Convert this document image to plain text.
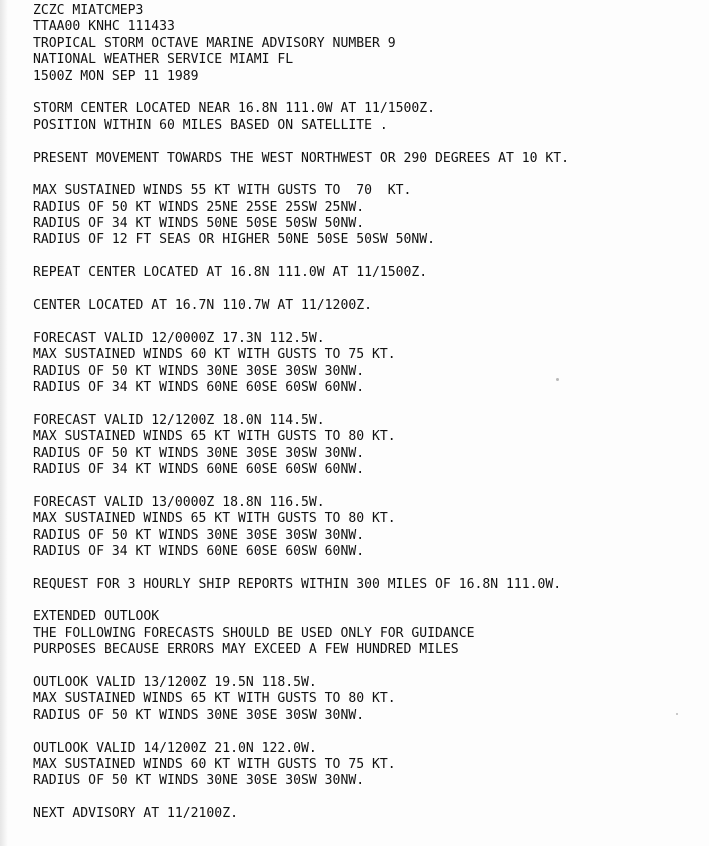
ZCZC MIATCMEP3
TTAA00 KNHC 111433
TROPICAL STORM OCTAVE MARINE ADVISORY NUMBER 9
NATIONAL WEATHER SERVICE MIAMI FL
1500Z MON SEP 11 1989
STORM CENTER LOCATED NEAR 16.8N 111.0W AT 11/1500Z.
POSITION WITHIN 60 MILES BASED ON SATELLITE .
PRESENT MOVEMENT TOWARDS THE WEST NORTHWEST OR 290 DEGREES AT 10 KT.
MAX SUSTAINED WINDS 55 KT WITH GUSTS TO  70  KT.
RADIUS OF 50 KT WINDS 25NE 25SE 25SW 25NW.
RADIUS OF 34 KT WINDS 50NE 50SE 50SW 50NW.
RADIUS OF 12 FT SEAS OR HIGHER 50NE 50SE 50SW 50NW.
REPEAT CENTER LOCATED AT 16.8N 111.0W AT 11/1500Z.
CENTER LOCATED AT 16.7N 110.7W AT 11/1200Z.
FORECAST VALID 12/0000Z 17.3N 112.5W.
MAX SUSTAINED WINDS 60 KT WITH GUSTS TO 75 KT.
RADIUS OF 50 KT WINDS 30NE 30SE 30SW 30NW.
RADIUS OF 34 KT WINDS 60NE 60SE 60SW 60NW.
FORECAST VALID 12/1200Z 18.0N 114.5W.
MAX SUSTAINED WINDS 65 KT WITH GUSTS TO 80 KT.
RADIUS OF 50 KT WINDS 30NE 30SE 30SW 30NW.
RADIUS OF 34 KT WINDS 60NE 60SE 60SW 60NW.
FORECAST VALID 13/0000Z 18.8N 116.5W.
MAX SUSTAINED WINDS 65 KT WITH GUSTS TO 80 KT.
RADIUS OF 50 KT WINDS 30NE 30SE 30SW 30NW.
RADIUS OF 34 KT WINDS 60NE 60SE 60SW 60NW.
REQUEST FOR 3 HOURLY SHIP REPORTS WITHIN 300 MILES OF 16.8N 111.0W.
EXTENDED OUTLOOK
THE FOLLOWING FORECASTS SHOULD BE USED ONLY FOR GUIDANCE
PURPOSES BECAUSE ERRORS MAY EXCEED A FEW HUNDRED MILES
OUTLOOK VALID 13/1200Z 19.5N 118.5W.
MAX SUSTAINED WINDS 65 KT WITH GUSTS TO 80 KT.
RADIUS OF 50 KT WINDS 30NE 30SE 30SW 30NW.
OUTLOOK VALID 14/1200Z 21.0N 122.0W.
MAX SUSTAINED WINDS 60 KT WITH GUSTS TO 75 KT.
RADIUS OF 50 KT WINDS 30NE 30SE 30SW 30NW.
NEXT ADVISORY AT 11/2100Z.
